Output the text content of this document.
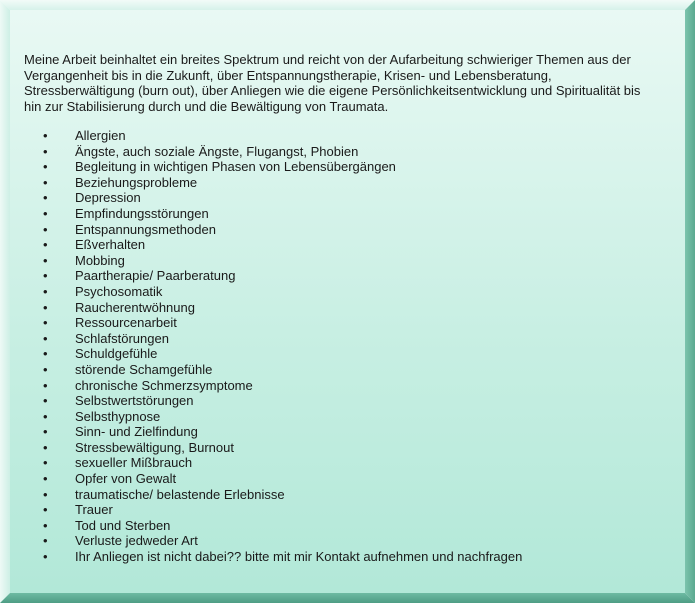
Meine Arbeit beinhaltet ein breites Spektrum und reicht von der Aufarbeitung schwieriger Themen aus der Vergangenheit bis in die Zukunft, über Entspannungstherapie, Krisen- und Lebensberatung, Stressberwältigung (burn out), über Anliegen wie die eigene Persönlichkeitsentwicklung und Spiritualität bis hin zur Stabilisierung durch und die Bewältigung von Traumata.

•	Allergien
•	Ängste, auch soziale Ängste, Flugangst, Phobien
•	Begleitung in wichtigen Phasen von Lebensübergängen
•	Beziehungsprobleme
•	Depression
•	Empfindungsstörungen
•	Entspannungsmethoden
•	Eßverhalten
•	Mobbing
•	Paartherapie/ Paarberatung
•	Psychosomatik
•	Raucherentwöhnung
•	Ressourcenarbeit
•	Schlafstörungen
•	Schuldgefühle
•	störende Schamgefühle
•	chronische Schmerzsymptome
•	Selbstwertstörungen
•	Selbsthypnose
•	Sinn- und Zielfindung
•	Stressbewältigung, Burnout
•	sexueller Mißbrauch
•	Opfer von Gewalt
•	traumatische/ belastende Erlebnisse
•	Trauer
•	Tod und Sterben
•	Verluste jedweder Art
•	Ihr Anliegen ist nicht dabei?? bitte mit mir Kontakt aufnehmen und nachfragen
